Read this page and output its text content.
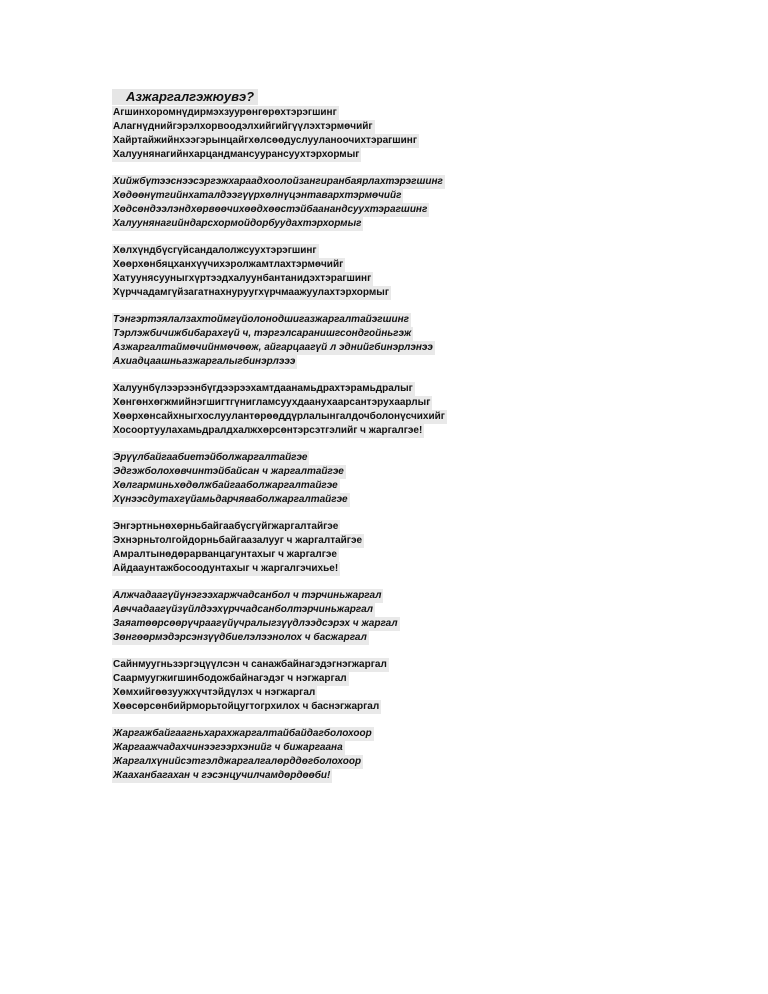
Азжаргалгэжюувэ?
Агшинхоромнүдирмэхзуурөнгөрөхтэрэгшинг
Алагнүднийгэрэлхорвоодэлхийгийгүүлэхтэрмөчийг
Хайртайжийнхээгэрынцайгхөлсөөдуслууланоочихтэрагшинг
Халуунянагийнхарцандмансуурансуухтэрхормыг
Хийжбүтээснээсэргэжхараадхоолойзангиранбаярлахтэрэгшинг
Хөдөөнүтгийнхаталдээгүүрхөлнүцэнтавархтэрмөчийг
Хөдсөндээлэндхөрвөөчихөөдхөөстэйбаанандсуухтэрагшинг
Халуунянагийндарсхормойдорбуудахтэрхормыг
Хөлхүндбүсгүйсандалолжсуухтэрэгшинг
Хөөрхөнбяцханхүүчихэролжамтлахтэрмөчийг
Хатуунясууныгхүртээдхалуунбантанидэхтэрагшинг
Хүрччадамгүйзагатнахнуруугхүрчмаажуулахтэрхормыг
Тэнгэртэялалзахтоймгүйолонодшигазжаргалтайэгшинг
Тэрлэжбичижбибарахгүй ч, тэргэлсаранишгсондгойньгэж
Азжаргалтаймөчийнмөчөөж, айгарцаагүй л эднийгбинэрлэнээ
Ахиадцаашньазжаргалыгбинэрлэээ
Халуунбүлээрээнбүгдээрээхамтдаанамьдрахтэрамьдралыг
Хөнгөнхөгжмийнэгшигтгүнигламсуухдаанухаарсантэрухаарлыг
Хөөрхөнсайхныгхослуулантөрөөддүрлалынгалдочболонүсчихийг
Хосоортуулахамьдралдхалжхөрсөнтэрсэтгэлийг ч жаргалгэе!
Эрүүлбайгаабиетэйболжаргалтайгэе
Эдгэжболохөвчинтэйбайсан ч жаргалтайгэе
Хөлгарминьхөдөлжбайгааболжаргалтайгэе
Хүнээсдутахгүйамьдарчяваболжаргалтайгэе
Энгэртньнөхөрньбайгаабүсгүйгжаргалтайгэе
Эхнэрньтолгойдорньбайгаазалууг ч жаргалтайгэе
Амралтынөдөрарванцагунтахыг ч жаргалгэе
Айдааунтажбосоодунтахыг ч жаргалгэчихье!
Алжчадаагүйүнэгээхаржчадсанбол ч тэрчиньжаргал
Авччадаагүйзүйлдээхүрччадсанболтэрчиньжаргал
Заяатөөрсөөрүчраагүйүчралыгзүүдлээдсэрэх ч жаргал
Зөнгөөрмэдэрсэнзүүдбиелэлээнолох ч басжаргал
Сайнмуугньзэргэцүүлсэн ч санажбайнагэдэгнэгжаргал
Саармуугжигшинбодожбайнагэдэг ч нэгжаргал
Хөмхийгөөзуужхүчтэйдүлэх ч нэгжаргал
Хөөсөрсөнбийрморьтойцугтогрхилох ч баснэгжаргал
Жаргажбайгаагньхарахжаргалтайбайдагболохоор
Жаргаажчадахчинээгээрхэнийг ч бижаргаана
Жаргалхүнийсэтгэлджаргалгалөрддөгболохоор
Жааханбагахан ч гэсэнцучилчамдөрдөөби!
